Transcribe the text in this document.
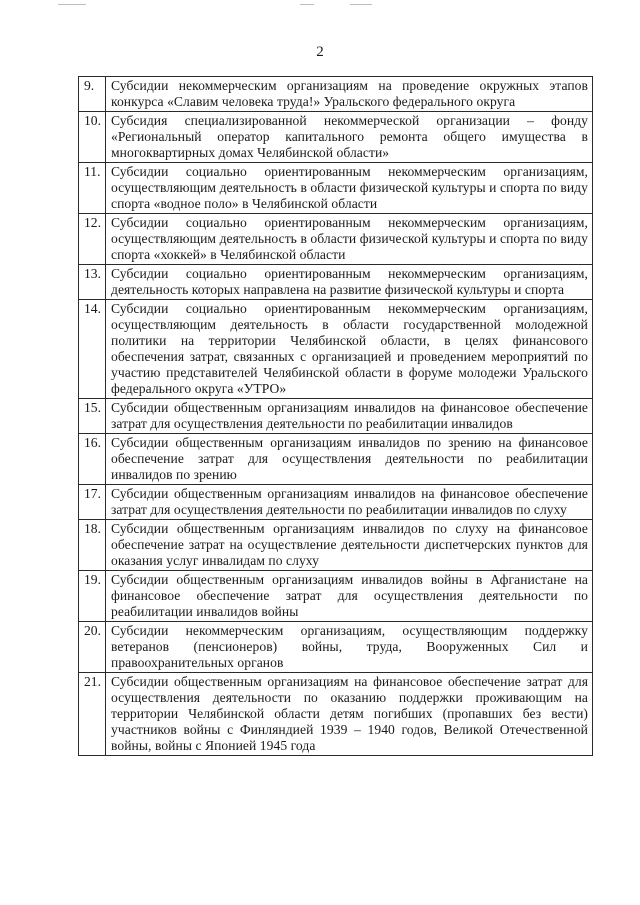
2
9.	Субсидии некоммерческим организациям на проведение окружных этапов конкурса «Славим человека труда!» Уральского федерального округа
10.	Субсидия специализированной некоммерческой организации – фонду «Региональный оператор капитального ремонта общего имущества в многоквартирных домах Челябинской области»
11.	Субсидии социально ориентированным некоммерческим организациям, осуществляющим деятельность в области физической культуры и спорта по виду спорта «водное поло» в Челябинской области
12.	Субсидии социально ориентированным некоммерческим организациям, осуществляющим деятельность в области физической культуры и спорта по виду спорта «хоккей» в Челябинской области
13.	Субсидии социально ориентированным некоммерческим организациям, деятельность которых направлена на развитие физической культуры и спорта
14.	Субсидии социально ориентированным некоммерческим организациям, осуществляющим деятельность в области государственной молодежной политики на территории Челябинской области, в целях финансового обеспечения затрат, связанных с организацией и проведением мероприятий по участию представителей Челябинской области в форуме молодежи Уральского федерального округа «УТРО»
15.	Субсидии общественным организациям инвалидов на финансовое обеспечение затрат для осуществления деятельности по реабилитации инвалидов
16.	Субсидии общественным организациям инвалидов по зрению на финансовое обеспечение затрат для осуществления деятельности по реабилитации инвалидов по зрению
17.	Субсидии общественным организациям инвалидов на финансовое обеспечение затрат для осуществления деятельности по реабилитации инвалидов по слуху
18.	Субсидии общественным организациям инвалидов по слуху на финансовое обеспечение затрат на осуществление деятельности диспетчерских пунктов для оказания услуг инвалидам по слуху
19.	Субсидии общественным организациям инвалидов войны в Афганистане на финансовое обеспечение затрат для осуществления деятельности по реабилитации инвалидов войны
20.	Субсидии некоммерческим организациям, осуществляющим поддержку ветеранов (пенсионеров) войны, труда, Вооруженных Сил и правоохранительных органов
21.	Субсидии общественным организациям на финансовое обеспечение затрат для осуществления деятельности по оказанию поддержки проживающим на территории Челябинской области детям погибших (пропавших без вести) участников войны с Финляндией 1939 – 1940 годов, Великой Отечественной войны, войны с Японией 1945 года
